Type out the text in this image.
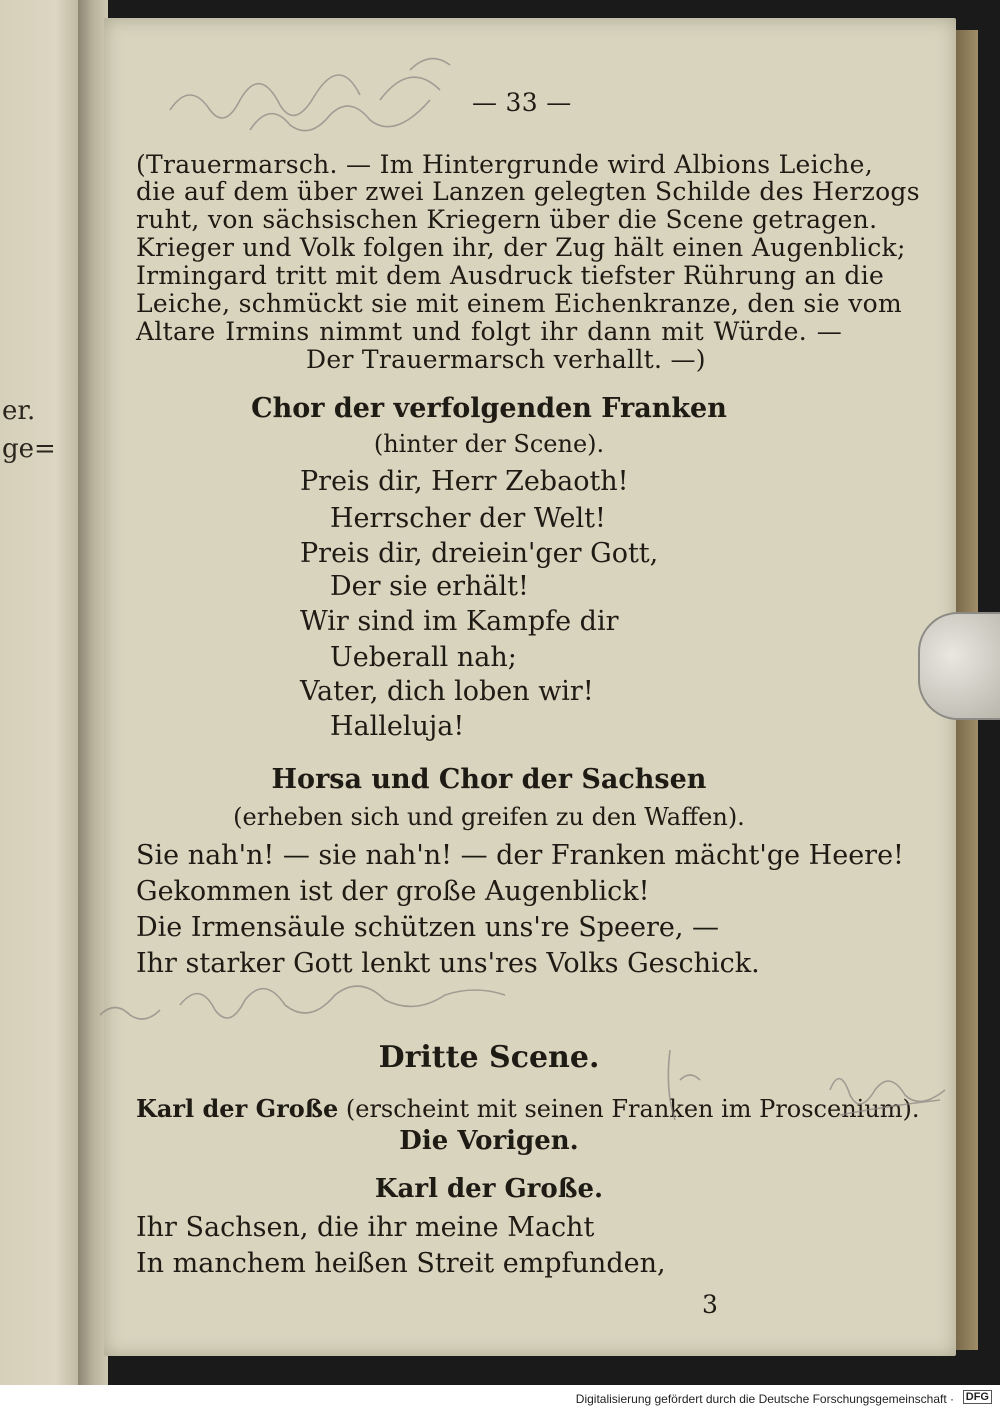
er.
ge=
— 33 —
(Trauermarsch. — Im Hintergrunde wird Albions Leiche,
die auf dem über zwei Lanzen gelegten Schilde des Herzogs
ruht, von sächsischen Kriegern über die Scene getragen.
Krieger und Volk folgen ihr, der Zug hält einen Augenblick;
Irmingard tritt mit dem Ausdruck tiefster Rührung an die
Leiche, schmückt sie mit einem Eichenkranze, den sie vom
Altare Irmins nimmt und folgt ihr dann mit Würde. —
Der Trauermarsch verhallt. —)
Chor der verfolgenden Franken
(hinter der Scene).
Preis dir, Herr Zebaoth!
Herrscher der Welt!
Preis dir, dreiein'ger Gott,
Der sie erhält!
Wir sind im Kampfe dir
Ueberall nah;
Vater, dich loben wir!
Halleluja!
Horsa und Chor der Sachsen
(erheben sich und greifen zu den Waffen).
Sie nah'n! — sie nah'n! — der Franken mächt'ge Heere!
Gekommen ist der große Augenblick!
Die Irmensäule schützen uns're Speere, —
Ihr starker Gott lenkt uns'res Volks Geschick.
Dritte Scene.
Karl der Große (erscheint mit seinen Franken im Proscenium).
Die Vorigen.
Karl der Große.
Ihr Sachsen, die ihr meine Macht
In manchem heißen Streit empfunden,
3
Digitalisierung gefördert durch die Deutsche Forschungsgemeinschaft · DFG
